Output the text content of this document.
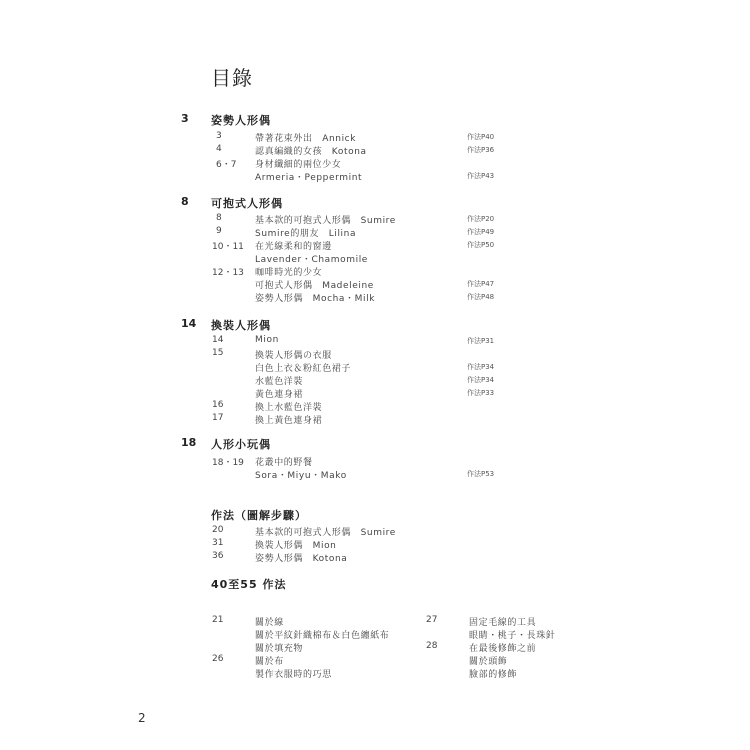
目錄
3 姿勢人形偶
3	帶著花束外出　Annick	作法P40
4	認真編織的女孩　Kotona	作法P36
6・7 身材纖細的兩位少女
Armeria・Peppermint	作法P43
8 可抱式人形偶
8	基本款的可抱式人形偶　Sumire	作法P20
9	Sumire的朋友　Lilina	作法P49
10・11 在光線柔和的窗邊	作法P50
Lavender・Chamomile
12・13 咖啡時光的少女
可抱式人形偶　Madeleine	作法P47
姿勢人形偶　Mocha・Milk	作法P48
14 換裝人形偶
14	Mion	作法P31
15	換裝人形偶の衣服
白色上衣＆粉紅色裙子	作法P34
水藍色洋裝	作法P34
黃色連身裙	作法P33
16	換上水藍色洋裝
17	換上黃色連身裙
18 人形小玩偶
18・19 花叢中的野餐
Sora・Miyu・Mako	作法P53
作法（圖解步驟）
20	基本款的可抱式人形偶　Sumire
31	換裝人形偶　Mion
36	姿勢人形偶　Kotona
40至55 作法
21	關於線
關於平紋針織棉布＆白色纏紙布
關於填充物
26	關於布
製作衣服時的巧思
27	固定毛線的工具
眼睛・桃子・長珠針
28	在最後修飾之前
關於頭飾
臉部的修飾
2
